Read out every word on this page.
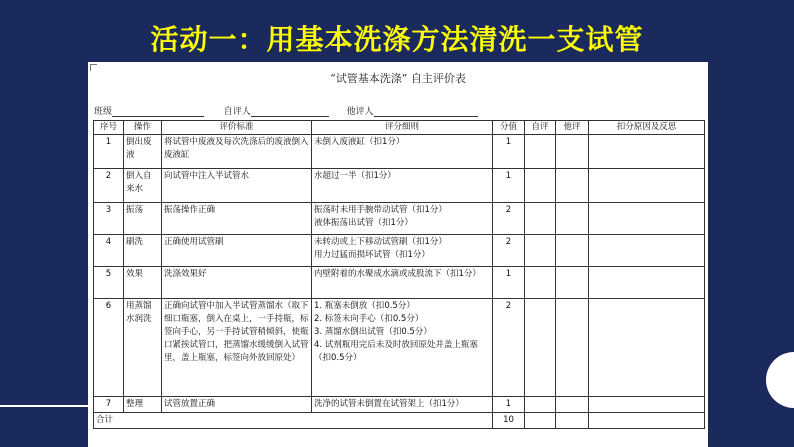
活动一：用基本洗涤方法清洗一支试管
“试管基本洗涤” 自主评价表
班级	自评人	他评人
序号	操作	评价标准	评分细则	分值	自评	他评	扣分原因及反思
1	倒出废液	将试管中废液及每次洗涤后的废液倒入废液缸	未倒入废液缸（扣1分）	1			
2	倒入自来水	向试管中注入半试管水	水超过一半（扣1分）	1			
3	振荡	振荡操作正确	振荡时未用手腕带动试管（扣1分）
液体振荡出试管（扣1分）	2			
4	刷洗	正确使用试管刷	未转动或上下移动试管刷（扣1分）
用力过猛而损坏试管（扣1分）	2			
5	效果	洗涤效果好	内壁附着的水聚成水滴或成股流下（扣1分）	1			
6	用蒸馏水润洗	正确向试管中加入半试管蒸馏水（取下细口瓶塞，倒入在桌上，一手持瓶，标签向手心，另一手持试管稍倾斜，使瓶口紧挨试管口，把蒸馏水缓缓倒入试管里，盖上瓶塞，标签向外放回原处）	1. 瓶塞未倒放（扣0.5分）
2. 标签未向手心（扣0.5分）
3. 蒸馏水倒出试管（扣0.5分）
4. 试剂瓶用完后未及时放回原处并盖上瓶塞（扣0.5分）	2			
7	整理	试管放置正确	洗净的试管未倒置在试管架上（扣1分）	1			
合计				10			
